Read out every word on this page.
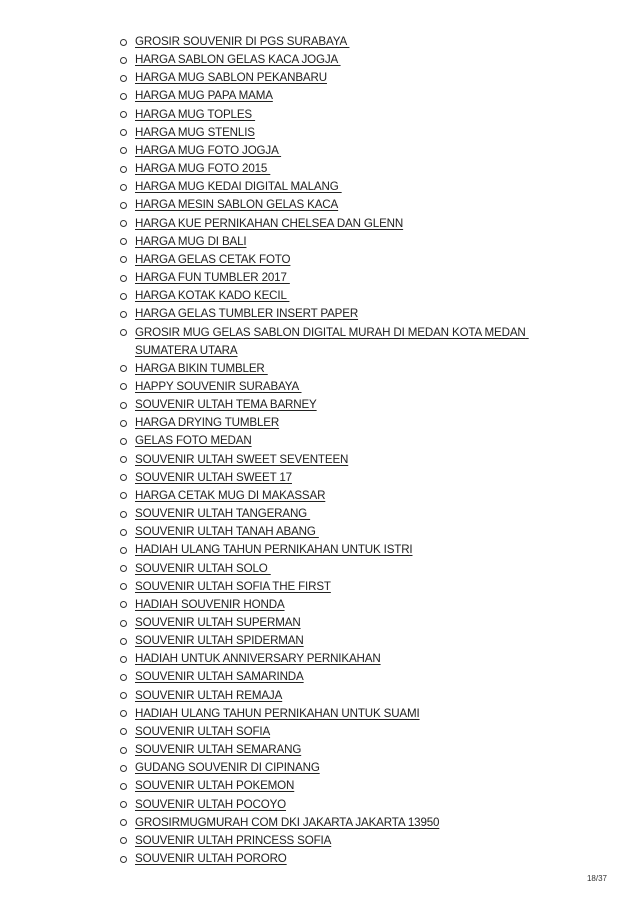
GROSIR SOUVENIR DI PGS SURABAYA
HARGA SABLON GELAS KACA JOGJA
HARGA MUG SABLON PEKANBARU
HARGA MUG PAPA MAMA
HARGA MUG TOPLES
HARGA MUG STENLIS
HARGA MUG FOTO JOGJA
HARGA MUG FOTO 2015
HARGA MUG KEDAI DIGITAL MALANG
HARGA MESIN SABLON GELAS KACA
HARGA KUE PERNIKAHAN CHELSEA DAN GLENN
HARGA MUG DI BALI
HARGA GELAS CETAK FOTO
HARGA FUN TUMBLER 2017
HARGA KOTAK KADO KECIL
HARGA GELAS TUMBLER INSERT PAPER
GROSIR MUG GELAS SABLON DIGITAL MURAH DI MEDAN KOTA MEDAN SUMATERA UTARA
HARGA BIKIN TUMBLER
HAPPY SOUVENIR SURABAYA
SOUVENIR ULTAH TEMA BARNEY
HARGA DRYING TUMBLER
GELAS FOTO MEDAN
SOUVENIR ULTAH SWEET SEVENTEEN
SOUVENIR ULTAH SWEET 17
HARGA CETAK MUG DI MAKASSAR
SOUVENIR ULTAH TANGERANG
SOUVENIR ULTAH TANAH ABANG
HADIAH ULANG TAHUN PERNIKAHAN UNTUK ISTRI
SOUVENIR ULTAH SOLO
SOUVENIR ULTAH SOFIA THE FIRST
HADIAH SOUVENIR HONDA
SOUVENIR ULTAH SUPERMAN
SOUVENIR ULTAH SPIDERMAN
HADIAH UNTUK ANNIVERSARY PERNIKAHAN
SOUVENIR ULTAH SAMARINDA
SOUVENIR ULTAH REMAJA
HADIAH ULANG TAHUN PERNIKAHAN UNTUK SUAMI
SOUVENIR ULTAH SOFIA
SOUVENIR ULTAH SEMARANG
GUDANG SOUVENIR DI CIPINANG
SOUVENIR ULTAH POKEMON
SOUVENIR ULTAH POCOYO
GROSIRMUGMURAH COM DKI JAKARTA JAKARTA 13950
SOUVENIR ULTAH PRINCESS SOFIA
SOUVENIR ULTAH PORORO
18/37
